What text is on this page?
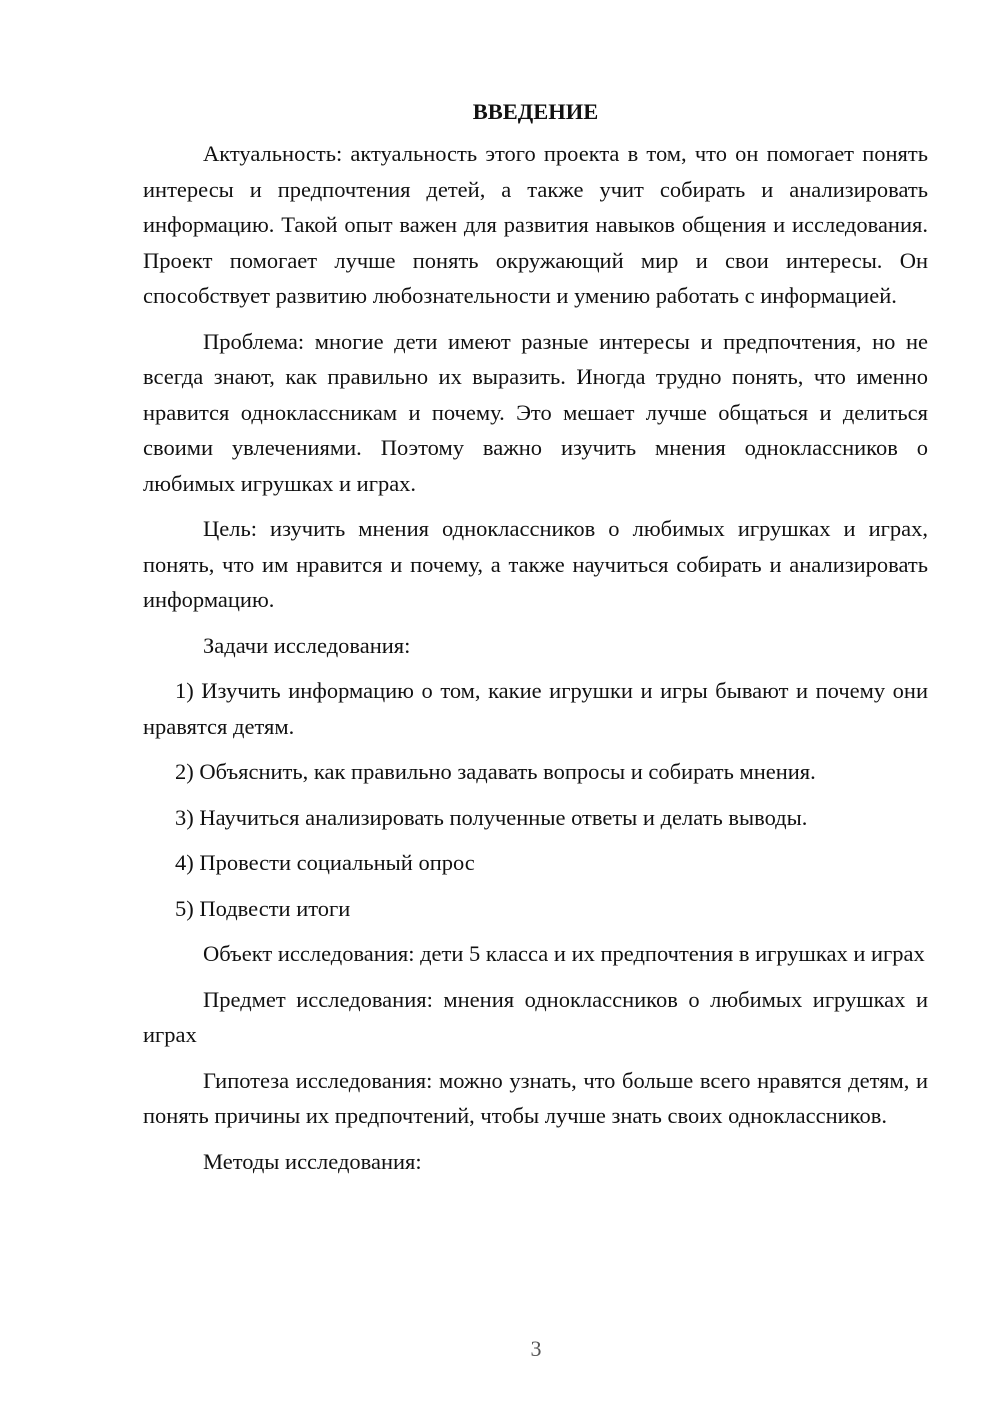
ВВЕДЕНИЕ

Актуальность: актуальность этого проекта в том, что он помогает понять интересы и предпочтения детей, а также учит собирать и анализировать информацию. Такой опыт важен для развития навыков общения и исследования. Проект помогает лучше понять окружающий мир и свои интересы. Он способствует развитию любознательности и умению работать с информацией.

Проблема: многие дети имеют разные интересы и предпочтения, но не всегда знают, как правильно их выразить. Иногда трудно понять, что именно нравится одноклассникам и почему. Это мешает лучше общаться и делиться своими увлечениями. Поэтому важно изучить мнения одноклассников о любимых игрушках и играх.

Цель: изучить мнения одноклассников о любимых игрушках и играх, понять, что им нравится и почему, а также научиться собирать и анализировать информацию.

Задачи исследования:

1) Изучить информацию о том, какие игрушки и игры бывают и почему они нравятся детям.

2) Объяснить, как правильно задавать вопросы и собирать мнения.

3) Научиться анализировать полученные ответы и делать выводы.

4) Провести социальный опрос

5) Подвести итоги

Объект исследования: дети 5 класса и их предпочтения в игрушках и играх

Предмет исследования: мнения одноклассников о любимых игрушках и играх

Гипотеза исследования: можно узнать, что больше всего нравятся детям, и понять причины их предпочтений, чтобы лучше знать своих одноклассников.

Методы исследования:

3
